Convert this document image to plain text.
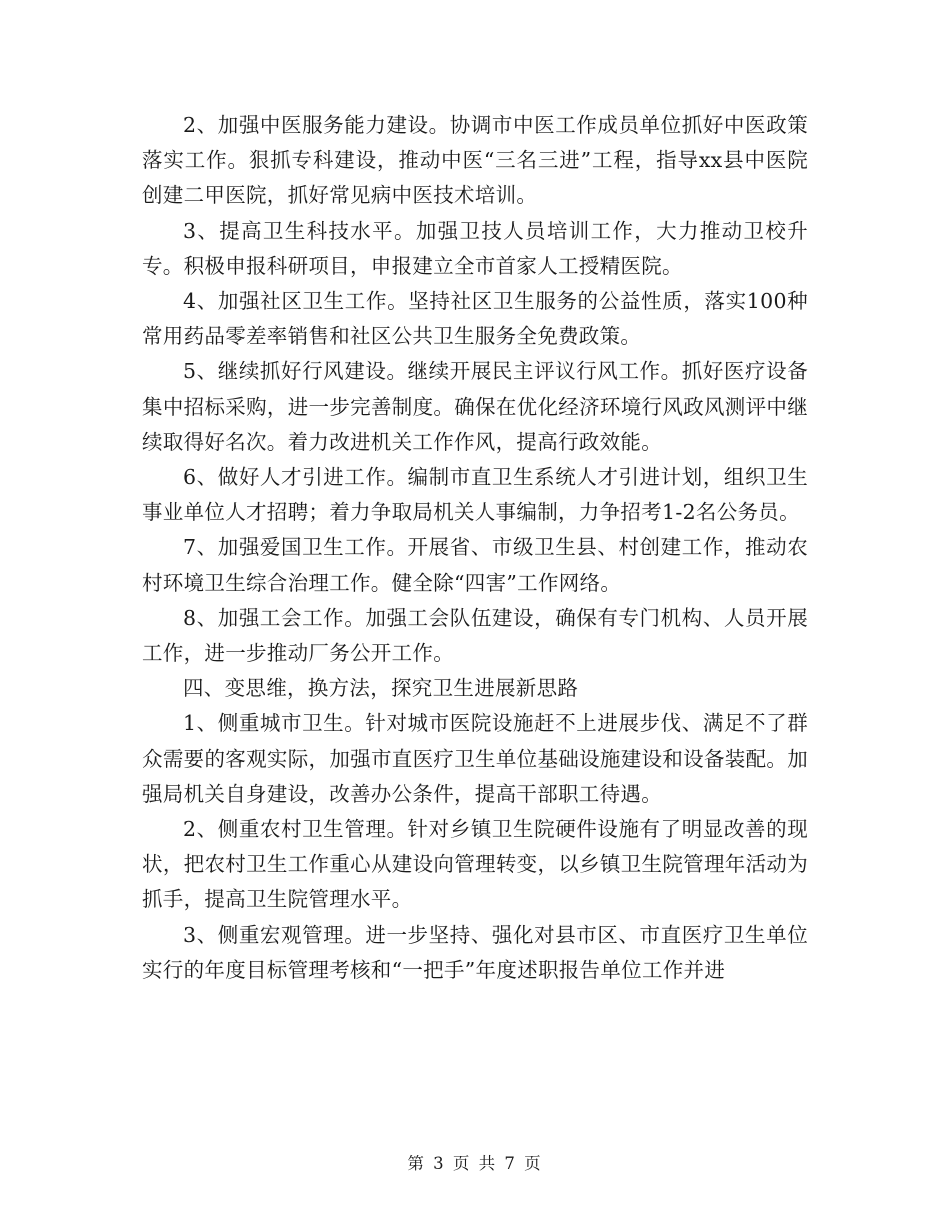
2、加强中医服务能力建设。协调市中医工作成员单位抓好中医政策落实工作。狠抓专科建设，推动中医“三名三进”工程，指导xx县中医院创建二甲医院，抓好常见病中医技术培训。

3、提高卫生科技水平。加强卫技人员培训工作，大力推动卫校升专。积极申报科研项目，申报建立全市首家人工授精医院。

4、加强社区卫生工作。坚持社区卫生服务的公益性质，落实100种常用药品零差率销售和社区公共卫生服务全免费政策。

5、继续抓好行风建设。继续开展民主评议行风工作。抓好医疗设备集中招标采购，进一步完善制度。确保在优化经济环境行风政风测评中继续取得好名次。着力改进机关工作作风，提高行政效能。

6、做好人才引进工作。编制市直卫生系统人才引进计划，组织卫生事业单位人才招聘；着力争取局机关人事编制，力争招考1-2名公务员。

7、加强爱国卫生工作。开展省、市级卫生县、村创建工作，推动农村环境卫生综合治理工作。健全除“四害”工作网络。

8、加强工会工作。加强工会队伍建设，确保有专门机构、人员开展工作，进一步推动厂务公开工作。

四、变思维，换方法，探究卫生进展新思路

1、侧重城市卫生。针对城市医院设施赶不上进展步伐、满足不了群众需要的客观实际，加强市直医疗卫生单位基础设施建设和设备装配。加强局机关自身建设，改善办公条件，提高干部职工待遇。

2、侧重农村卫生管理。针对乡镇卫生院硬件设施有了明显改善的现状，把农村卫生工作重心从建设向管理转变，以乡镇卫生院管理年活动为抓手，提高卫生院管理水平。

3、侧重宏观管理。进一步坚持、强化对县市区、市直医疗卫生单位实行的年度目标管理考核和“一把手”年度述职报告单位工作并进

第 3 页 共 7 页
